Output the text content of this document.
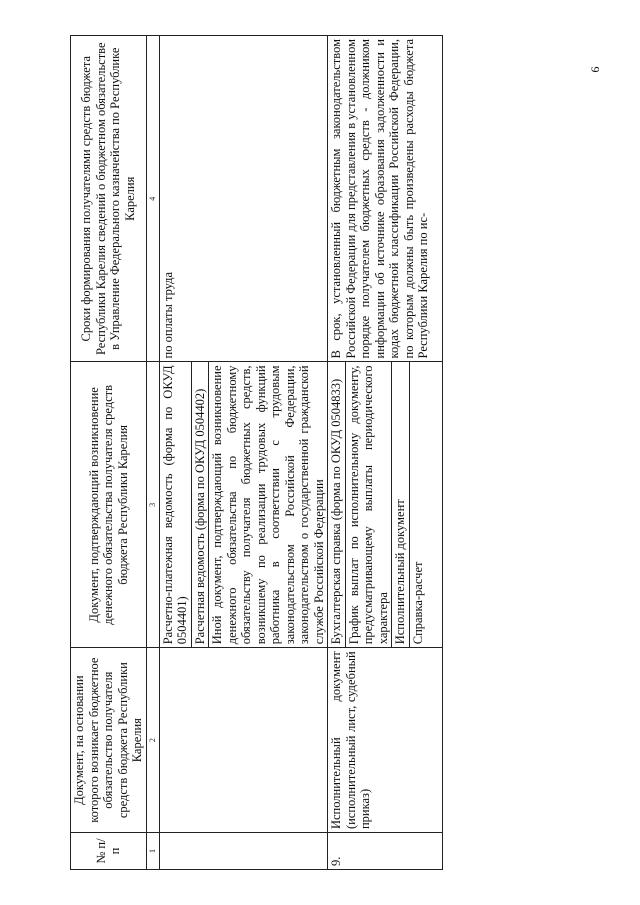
9
№ п/п	Документ, на основании которого возникает бюджетное обязательство получателя средств бюджета Республики Карелия	Документ, подтверждающий возникновение денежного обязательства получателя средств бюджета Республики Карелия	Сроки формирования получателями средств бюджета Республики Карелия сведений о бюджетном обязательстве в Управление Федерального казначейства по Республике Карелия
1	2	3	4
		Расчетно-платежная ведомость (форма по ОКУД 0504401)	по оплаты труда
		Расчетная ведомость (форма по ОКУД 0504402)	
		Иной документ, подтверждающий возникновение денежного обязательства по бюджетному обязательству получателя бюджетных средств, возникшему по реализации трудовых функций работника в соответствии с трудовым законодательством Российской Федерации, законодательством о государственной гражданской службе Российской Федерации	
9.	Исполнительный документ (исполнительный лист, судебный приказ)	Бухгалтерская справка (форма по ОКУД 0504833)	В срок, установленный бюджетным законодательством Российской Федерации для представления в установленном порядке получателем бюджетных средств - должником информации об источнике образования задолженности и кодах бюджетной классификации Российской Федерации, по которым должны быть произведены расходы бюджета Республики Карелия по ис-
		График выплат по исполнительному документу, предусматривающему выплаты периодического характера	
		Исполнительный документ	
		Справка-расчет	
